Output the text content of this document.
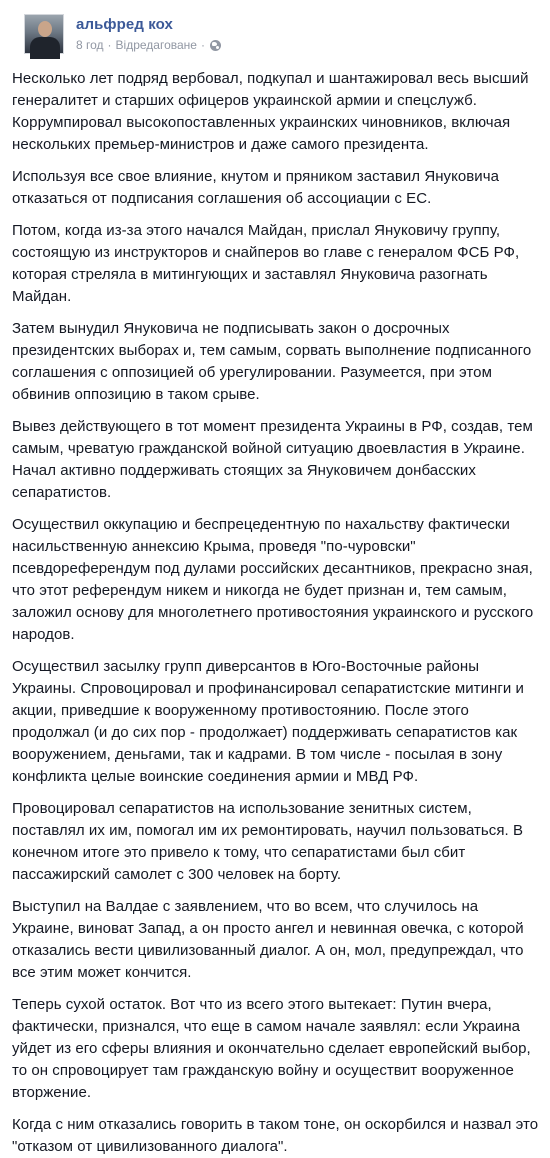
альфред кох
8 год · Відредаговане ·

Несколько лет подряд вербовал, подкупал и шантажировал весь высший генералитет и старших офицеров украинской армии и спецслужб. Коррумпировал высокопоставленных украинских чиновников, включая нескольких премьер-министров и даже самого президента.

Используя все свое влияние, кнутом и пряником заставил Януковича отказаться от подписания соглашения об ассоциации с ЕС.

Потом, когда из-за этого начался Майдан, прислал Януковичу группу, состоящую из инструкторов и снайперов во главе с генералом ФСБ РФ, которая стреляла в митингующих и заставлял Януковича разогнать Майдан.

Затем вынудил Януковича не подписывать закон о досрочных президентских выборах и, тем самым, сорвать выполнение подписанного соглашения с оппозицией об урегулировании. Разумеется, при этом обвинив оппозицию в таком срыве.

Вывез действующего в тот момент президента Украины в РФ, создав, тем самым, чреватую гражданской войной ситуацию двоевластия в Украине. Начал активно поддерживать стоящих за Януковичем донбасских сепаратистов.

Осуществил оккупацию и беспрецедентную по нахальству фактически насильственную аннексию Крыма, проведя "по-чуровски" псевдореферендум под дулами российских десантников, прекрасно зная, что этот референдум никем и никогда не будет признан и, тем самым, заложил основу для многолетнего противостояния украинского и русского народов.

Осуществил засылку групп диверсантов в Юго-Восточные районы Украины. Спровоцировал и профинансировал сепаратистские митинги и акции, приведшие к вооруженному противостоянию. После этого продолжал (и до сих пор - продолжает) поддерживать сепаратистов как вооружением, деньгами, так и кадрами. В том числе - посылая в зону конфликта целые воинские соединения армии и МВД РФ.

Провоцировал сепаратистов на использование зенитных систем, поставлял их им, помогал им их ремонтировать, научил пользоваться. В конечном итоге это привело к тому, что сепаратистами был сбит пассажирский самолет с 300 человек на борту.

Выступил на Валдае с заявлением, что во всем, что случилось на Украине, виноват Запад, а он просто ангел и невинная овечка, с которой отказались вести цивилизованный диалог. А он, мол, предупреждал, что все этим может кончится.

Теперь сухой остаток. Вот что из всего этого вытекает: Путин вчера, фактически, признался, что еще в самом начале заявлял: если Украина уйдет из его сферы влияния и окончательно сделает европейский выбор, то он спровоцирует там гражданскую войну и осуществит вооруженное вторжение.

Когда с ним отказались говорить в таком тоне, он оскорбился и назвал это "отказом от цивилизованного диалога".
